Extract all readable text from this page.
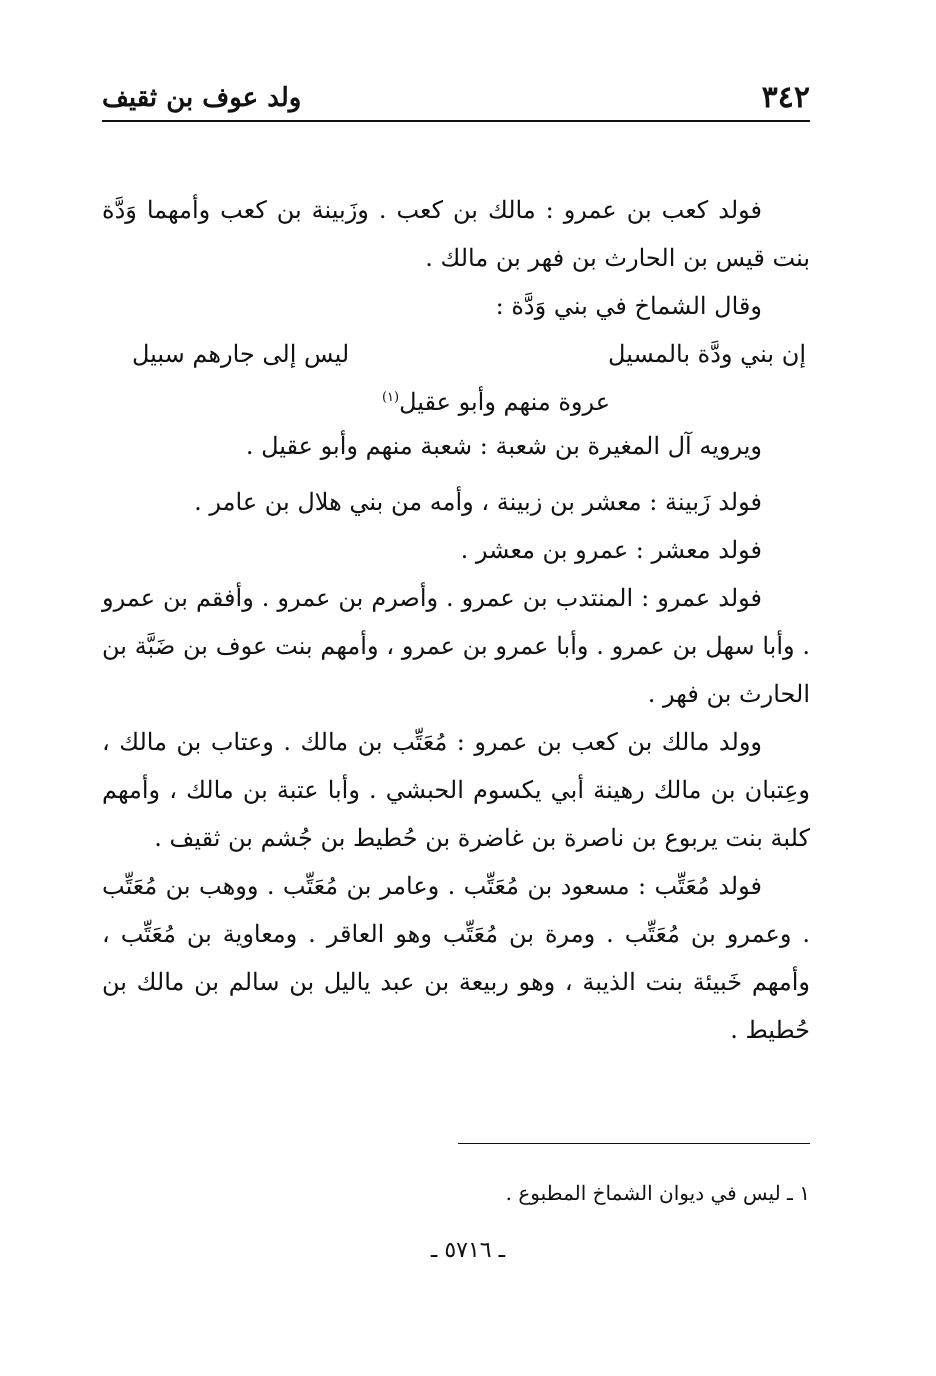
٣٤٢
ولد عوف بن ثقيف

فولد كعب بن عمرو : مالك بن كعب . وزَبينة بن كعب وأمهما وَدَّة بنت قيس بن الحارث بن فهر بن مالك .

وقال الشماخ في بني وَدَّة :

إن بني ودَّة بالمسيل
ليس إلى جارهم سبيل
عروة منهم وأبو عقيل$^{(١)}$

ويرويه آل المغيرة بن شعبة : شعبة منهم وأبو عقيل .

فولد زَبينة : معشر بن زبينة ، وأمه من بني هلال بن عامر .

فولد معشر : عمرو بن معشر .

فولد عمرو : المنتدب بن عمرو . وأصرم بن عمرو . وأفقم بن عمرو . وأبا سهل بن عمرو . وأبا عمرو بن عمرو ، وأمهم بنت عوف بن ضَبَّة بن الحارث بن فهر .

وولد مالك بن كعب بن عمرو : مُعَتِّب بن مالك . وعتاب بن مالك ، وعِتبان بن مالك رهينة أبي يكسوم الحبشي . وأبا عتبة بن مالك ، وأمهم كلبة بنت يربوع بن ناصرة بن غاضرة بن حُطيط بن جُشم بن ثقيف .

فولد مُعَتِّب : مسعود بن مُعَتِّب . وعامر بن مُعَتِّب . ووهب بن مُعَتِّب . وعمرو بن مُعَتِّب . ومرة بن مُعَتِّب وهو العاقر . ومعاوية بن مُعَتِّب ، وأمهم خَبيئة بنت الذيبة ، وهو ربيعة بن عبد ياليل بن سالم بن مالك بن حُطيط .

١ ـ ليس في ديوان الشماخ المطبوع .
ـ ٥٧١٦ ـ
